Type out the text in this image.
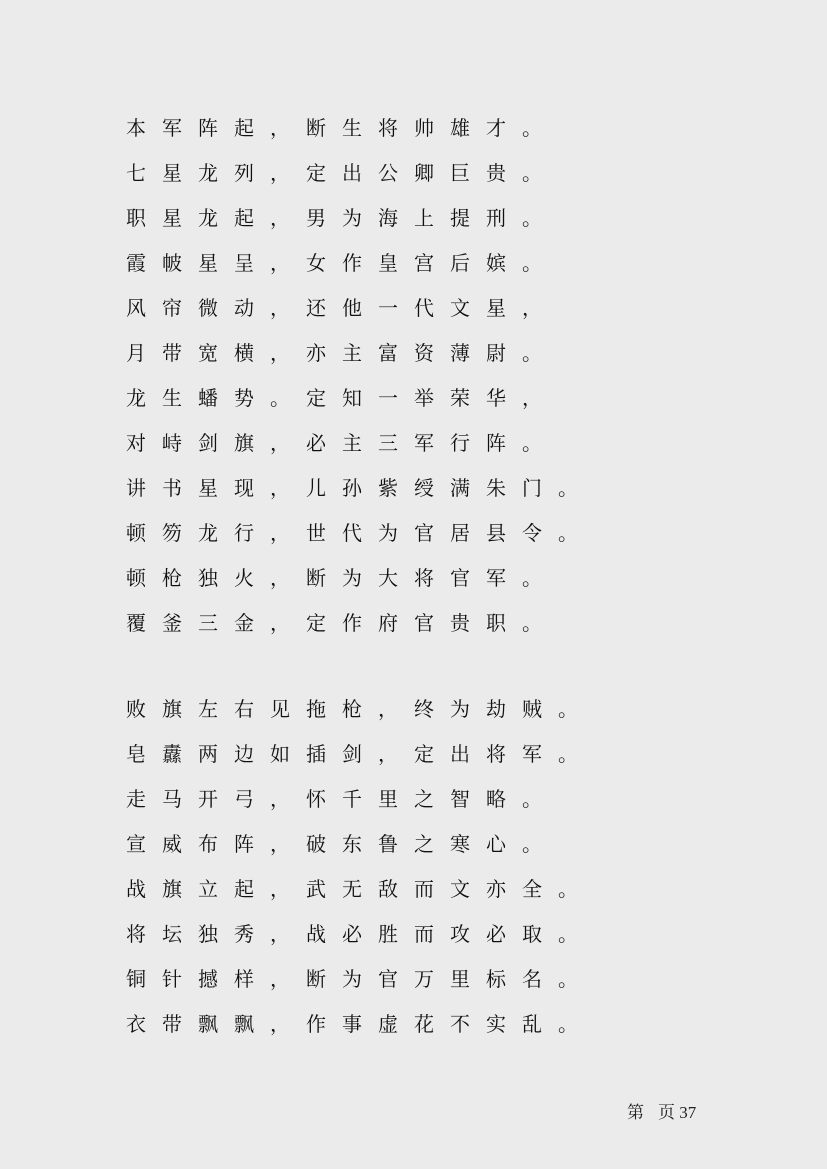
本军阵起，断生将帅雄才。
七星龙列，定出公卿巨贵。
职星龙起，男为海上提刑。
霞帔星呈，女作皇宫后嫔。
风帘微动，还他一代文星，
月带宽横，亦主富资薄尉。
龙生蟠势。定知一举荣华，
对峙剑旗，必主三军行阵。
讲书星现，儿孙紫绶满朱门。
顿笏龙行，世代为官居县令。
顿枪独火，断为大将官军。
覆釜三金，定作府官贵职。
败旗左右见拖枪，终为劫贼。
皂纛两边如插剑，定出将军。
走马开弓，怀千里之智略。
宣威布阵，破东鲁之寒心。
战旗立起，武无敌而文亦全。
将坛独秀，战必胜而攻必取。
铜针撼样，断为官万里标名。
衣带飘飘，作事虚花不实乱。
第 页 37
